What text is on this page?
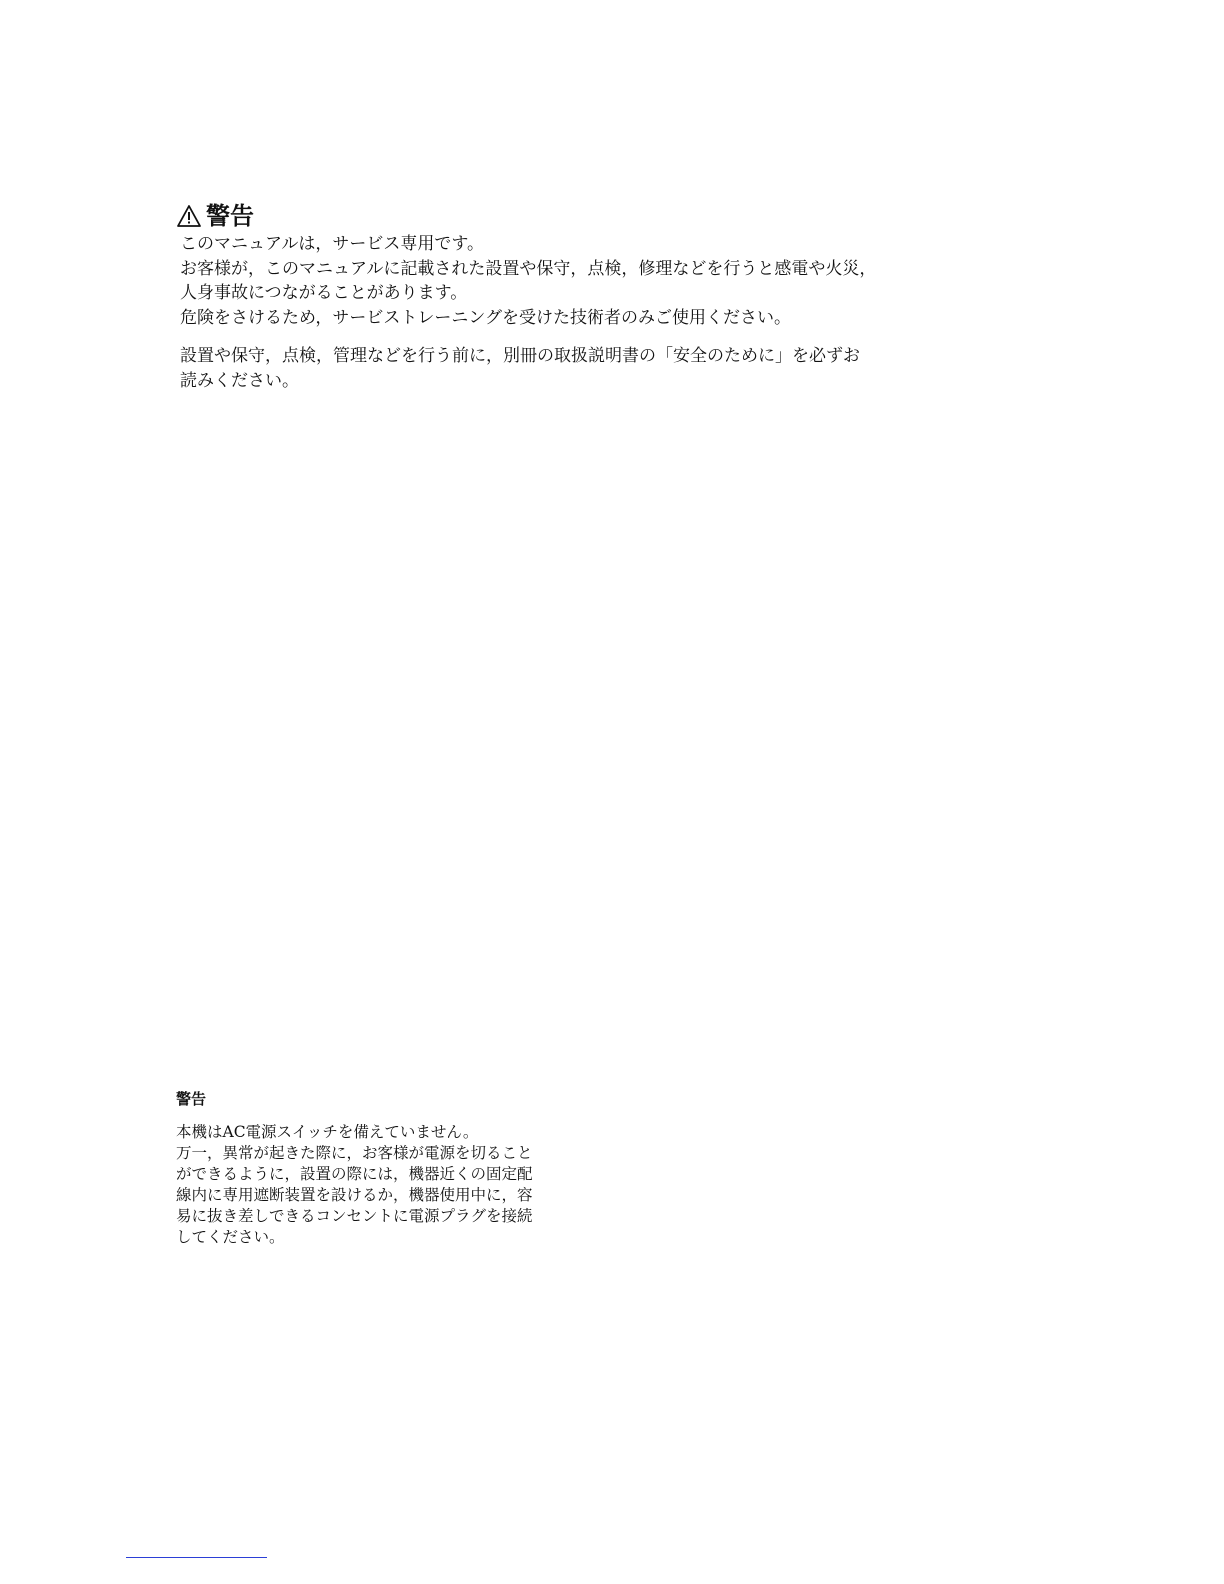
警告

このマニュアルは，サービス専用です。

お客様が，このマニュアルに記載された設置や保守，点検，修理などを行うと感電や火災，

人身事故につながることがあります。

危険をさけるため，サービストレーニングを受けた技術者のみご使用ください。

設置や保守，点検，管理などを行う前に，別冊の取扱説明書の「安全のために」を必ずお

読みください。

警告

本機はAC電源スイッチを備えていません。

万一，異常が起きた際に，お客様が電源を切ること

ができるように，設置の際には，機器近くの固定配

線内に専用遮断装置を設けるか，機器使用中に，容

易に抜き差しできるコンセントに電源プラグを接続

してください。
